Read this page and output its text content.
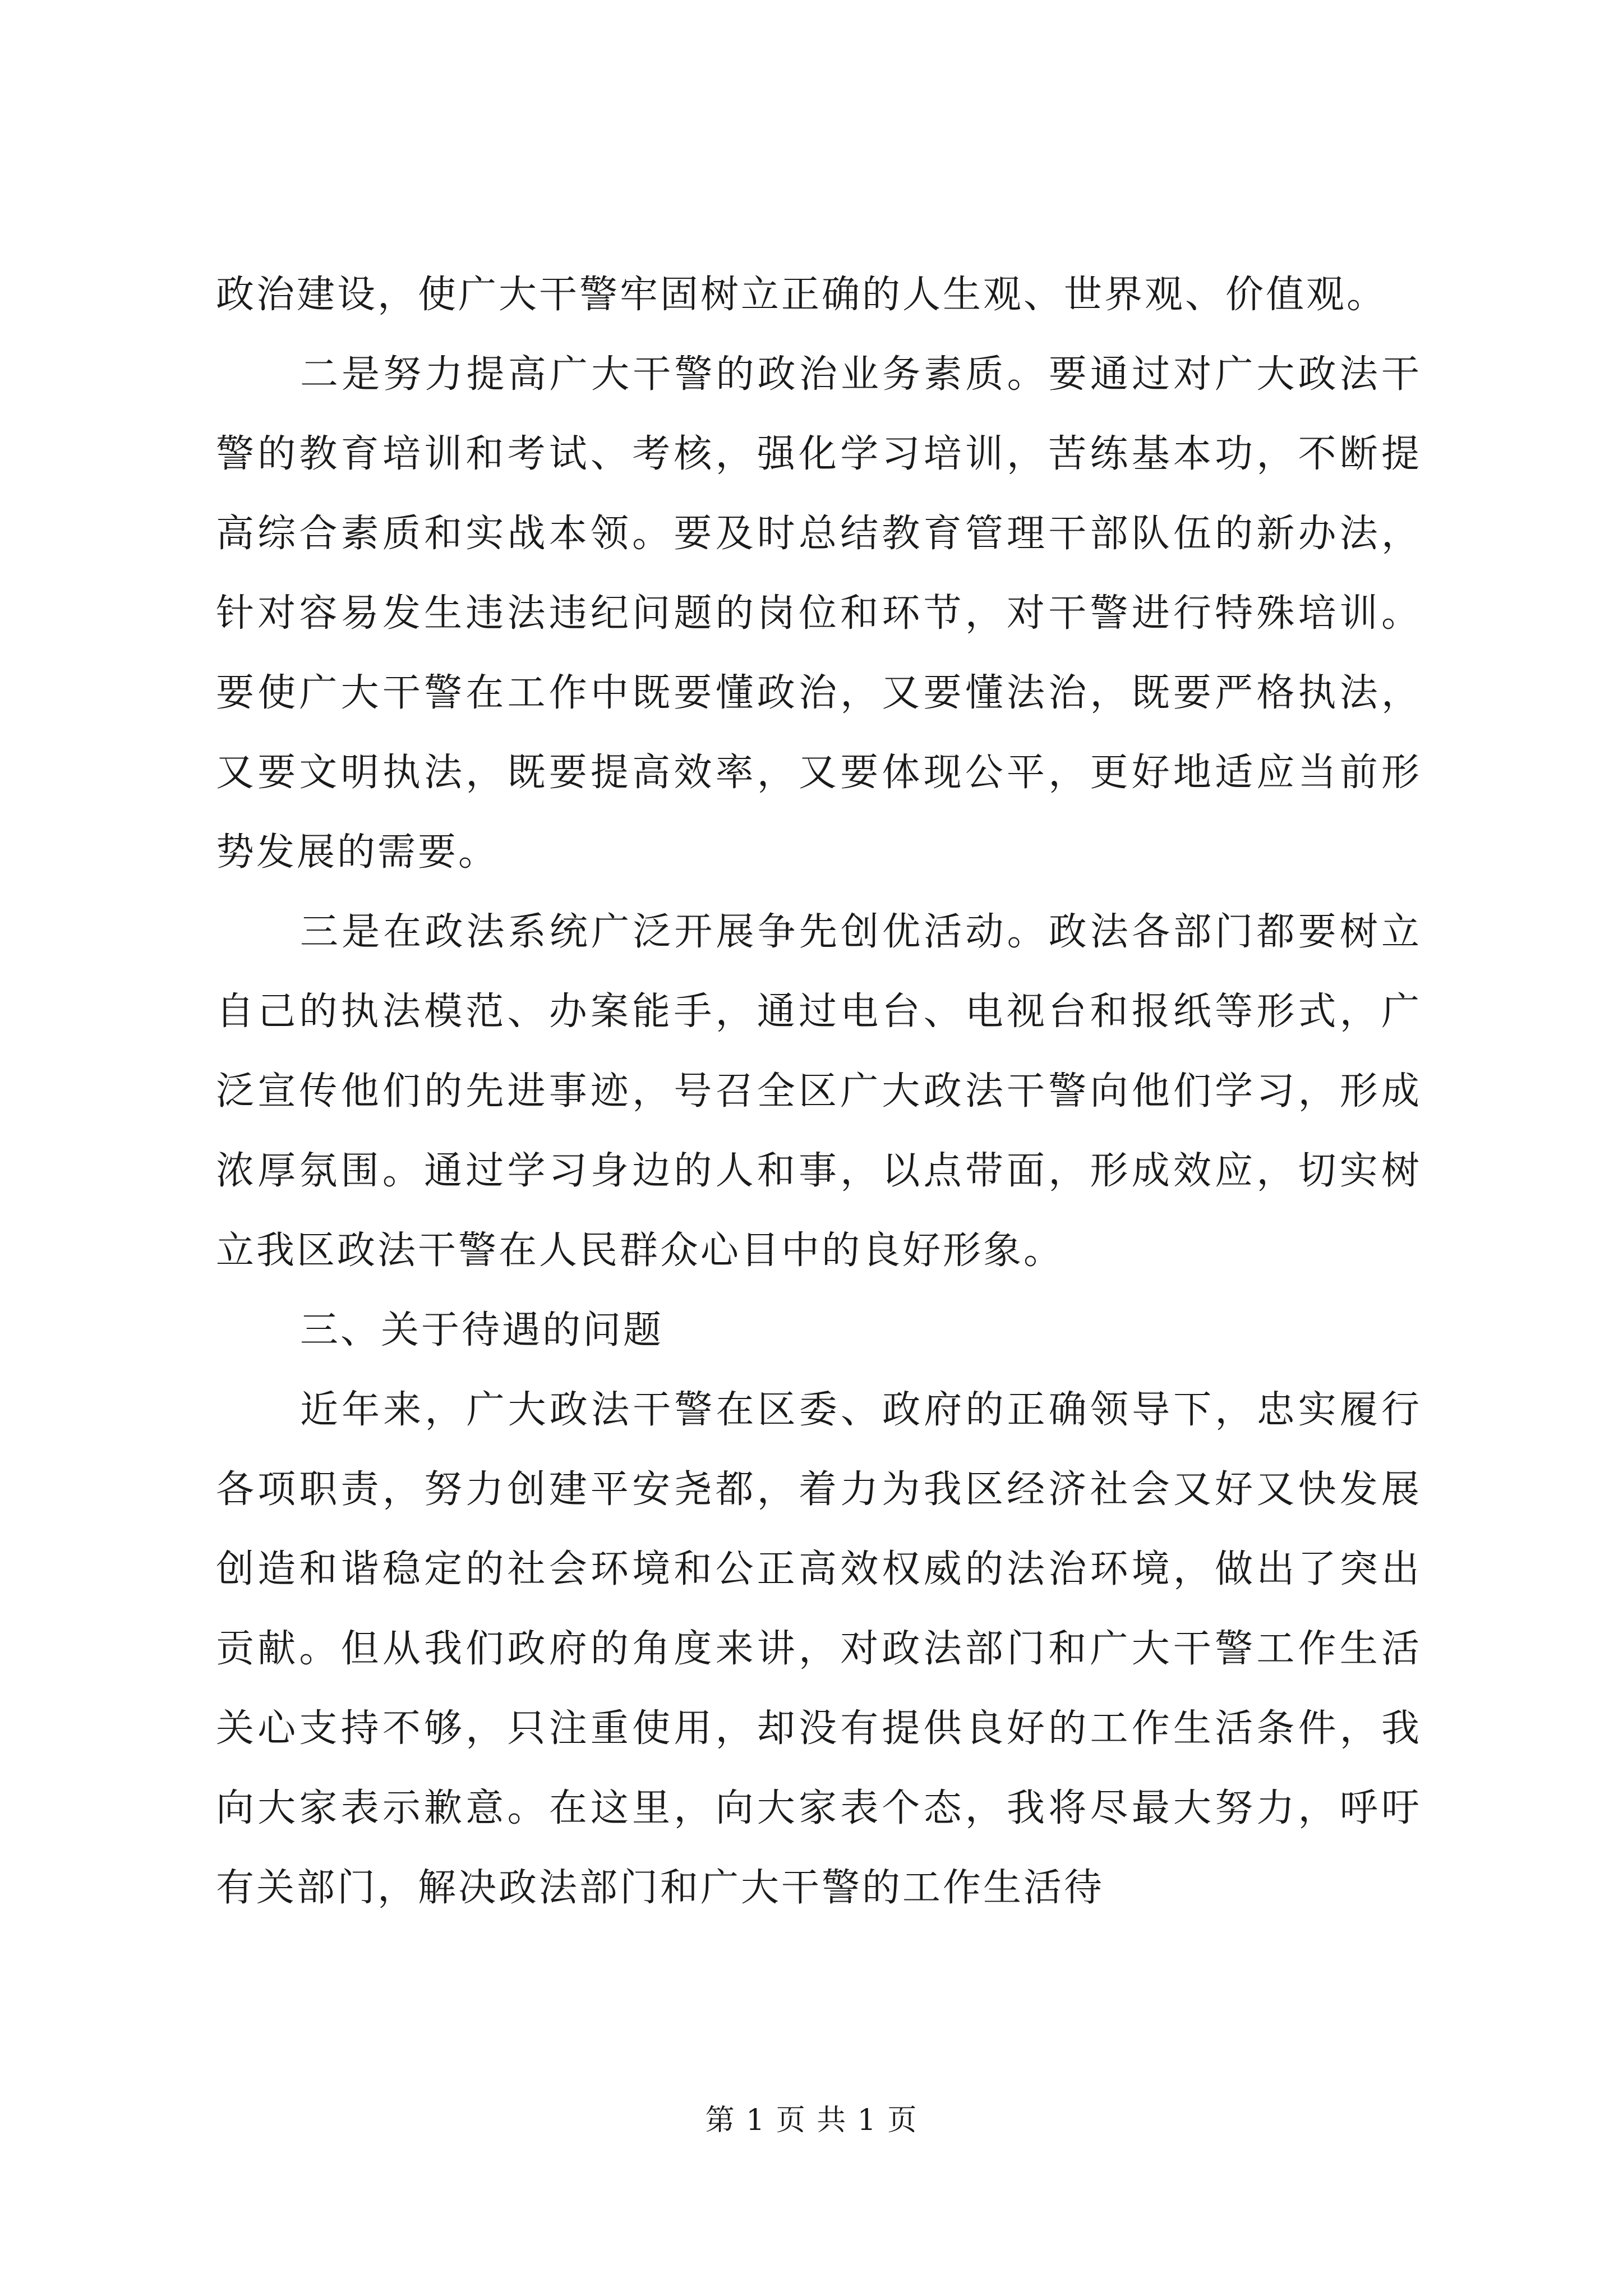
政治建设，使广大干警牢固树立正确的人生观、世界观、价值观。

二是努力提高广大干警的政治业务素质。要通过对广大政法干警的教育培训和考试、考核，强化学习培训，苦练基本功，不断提高综合素质和实战本领。要及时总结教育管理干部队伍的新办法，针对容易发生违法违纪问题的岗位和环节，对干警进行特殊培训。要使广大干警在工作中既要懂政治，又要懂法治，既要严格执法，又要文明执法，既要提高效率，又要体现公平，更好地适应当前形势发展的需要。

三是在政法系统广泛开展争先创优活动。政法各部门都要树立自己的执法模范、办案能手，通过电台、电视台和报纸等形式，广泛宣传他们的先进事迹，号召全区广大政法干警向他们学习，形成浓厚氛围。通过学习身边的人和事，以点带面，形成效应，切实树立我区政法干警在人民群众心目中的良好形象。

三、关于待遇的问题

近年来，广大政法干警在区委、政府的正确领导下，忠实履行各项职责，努力创建平安尧都，着力为我区经济社会又好又快发展创造和谐稳定的社会环境和公正高效权威的法治环境，做出了突出贡献。但从我们政府的角度来讲，对政法部门和广大干警工作生活关心支持不够，只注重使用，却没有提供良好的工作生活条件，我向大家表示歉意。在这里，向大家表个态，我将尽最大努力，呼吁有关部门，解决政法部门和广大干警的工作生活待

第 1 页 共 1 页
